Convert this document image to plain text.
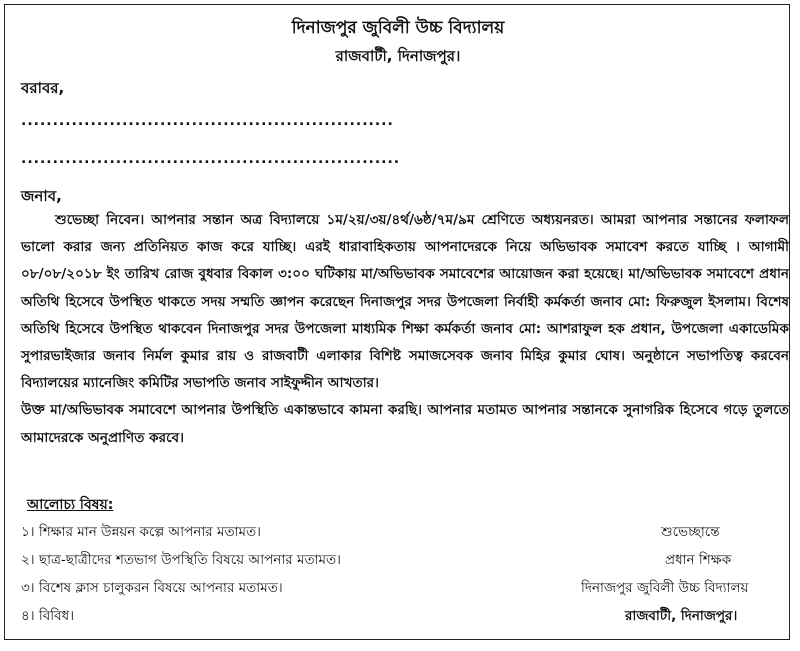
দিনাজপুর জুবিলী উচ্চ বিদ্যালয়
রাজবাটী, দিনাজপুর।
বরাবর,
...........................................................
............................................................
জনাব,

শুভেচ্ছা নিবেন। আপনার সন্তান অত্র বিদ্যালয়ে ১ম/২য়/৩য়/৪র্থ/৬ষ্ঠ/৭ম/৯ম শ্রেণিতে অধ্যয়নরত। আমরা আপনার সন্তানের ফলাফল ভালো করার জন্য প্রতিনিয়ত কাজ করে যাচ্ছি। এরই ধারাবাহিকতায় আপনাদেরকে নিয়ে অভিভাবক সমাবেশ করতে যাচ্ছি । আগামী ০৮/০৮/২০১৮ ইং তারিখ রোজ বুধবার বিকাল ৩:০০ ঘটিকায় মা/অভিভাবক সমাবেশের আয়োজন করা হয়েছে। মা/অভিভাবক সমাবেশে প্রধান অতিথি হিসেবে উপস্থিত থাকতে সদয় সম্মতি জ্ঞাপন করেছেন দিনাজপুর সদর উপজেলা নির্বাহী কর্মকর্তা জনাব মো: ফিরুজুল ইসলাম। বিশেষ অতিথি হিসেবে উপস্থিত থাকবেন দিনাজপুর সদর উপজেলা মাধ্যমিক শিক্ষা কর্মকর্তা জনাব মো: আশরাফুল হক প্রধান, উপজেলা একাডেমিক সুপারভাইজার জনাব নির্মল কুমার রায় ও রাজবাটী এলাকার বিশিষ্ট সমাজসেবক জনাব মিহির কুমার ঘোষ। অনুষ্ঠানে সভাপতিত্ব করবেন বিদ্যালয়ের ম্যানেজিং কমিটির সভাপতি জনাব সাইফুদ্দীন আখতার।

উক্ত মা/অভিভাবক সমাবেশে আপনার উপস্থিতি একান্তভাবে কামনা করছি। আপনার মতামত আপনার সন্তানকে সুনাগরিক হিসেবে গড়ে তুলতে আমাদেরকে অনুপ্রাণিত করবে।

আলোচ্য বিষয়:
১। শিক্ষার মান উন্নয়ন কল্পে আপনার মতামত।
২। ছাত্র-ছাত্রীদের শতভাগ উপস্থিতি বিষয়ে আপনার মতামত।
৩। বিশেষ ক্লাস চালুকরন বিষয়ে আপনার মতামত।
৪। বিবিধ।
শুভেচ্ছান্তে
প্রধান শিক্ষক
দিনাজপুর জুবিলী উচ্চ বিদ্যালয়
রাজবাটী, দিনাজপুর।
